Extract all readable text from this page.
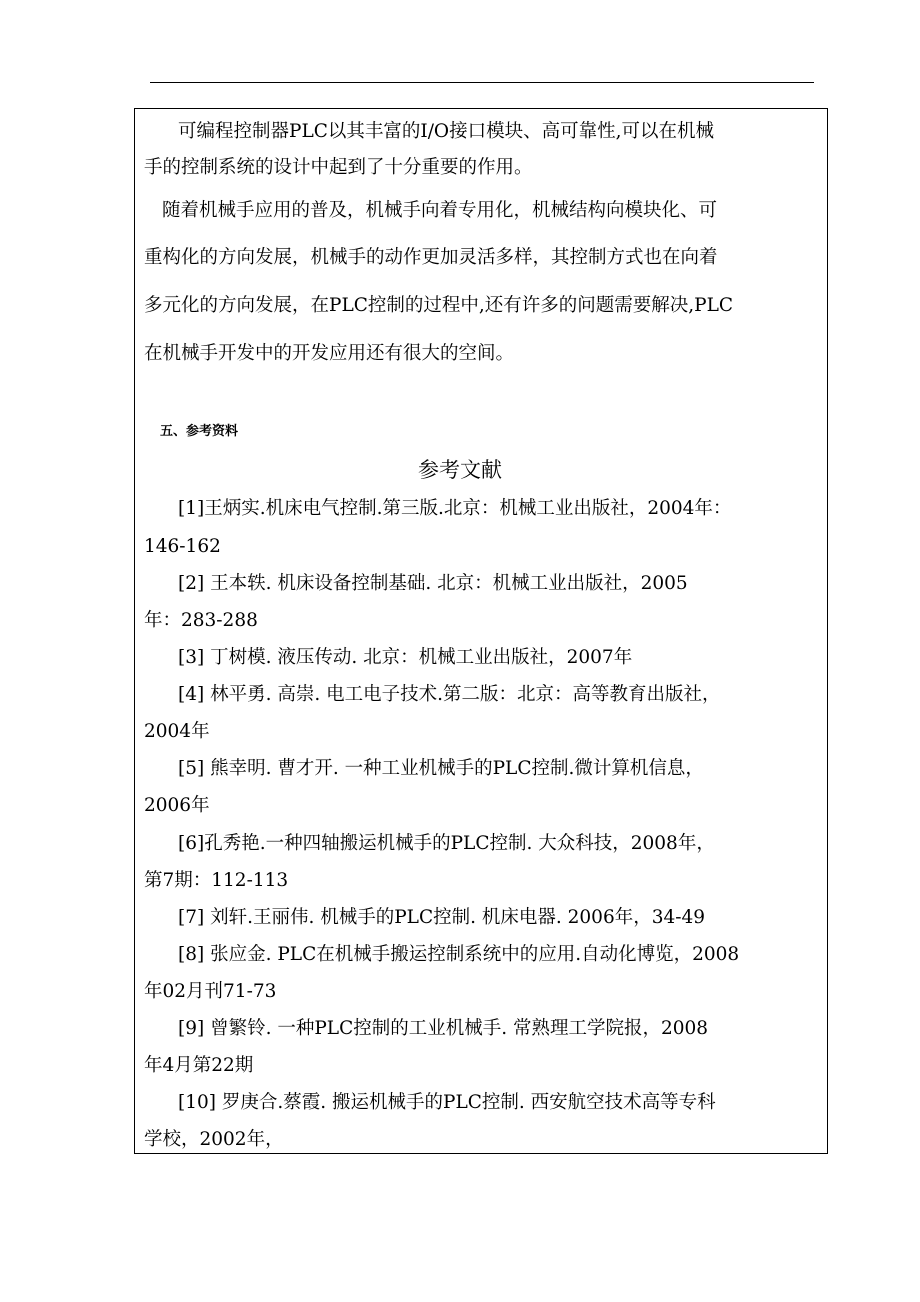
可编程控制器PLC以其丰富的I/O接口模块、高可靠性,可以在机械
手的控制系统的设计中起到了十分重要的作用。
随着机械手应用的普及，机械手向着专用化，机械结构向模块化、可
重构化的方向发展，机械手的动作更加灵活多样，其控制方式也在向着
多元化的方向发展，在PLC控制的过程中,还有许多的问题需要解决,PLC
在机械手开发中的开发应用还有很大的空间。
五、参考资料
参考文献
[1]王炳实.机床电气控制.第三版.北京：机械工业出版社，2004年：
146-162
[2] 王本轶. 机床设备控制基础. 北京：机械工业出版社，2005
年：283-288
[3] 丁树模. 液压传动. 北京：机械工业出版社，2007年
[4] 林平勇. 高崇. 电工电子技术.第二版：北京：高等教育出版社，
2004年
[5] 熊幸明. 曹才开. 一种工业机械手的PLC控制.微计算机信息，
2006年
[6]孔秀艳.一种四轴搬运机械手的PLC控制. 大众科技，2008年，
第7期：112-113
[7] 刘轩.王丽伟. 机械手的PLC控制. 机床电器. 2006年，34-49
[8] 张应金. PLC在机械手搬运控制系统中的应用.自动化博览，2008
年02月刊71-73
[9] 曾繁铃. 一种PLC控制的工业机械手. 常熟理工学院报，2008
年4月第22期
[10] 罗庚合.蔡霞. 搬运机械手的PLC控制. 西安航空技术高等专科
学校，2002年，
